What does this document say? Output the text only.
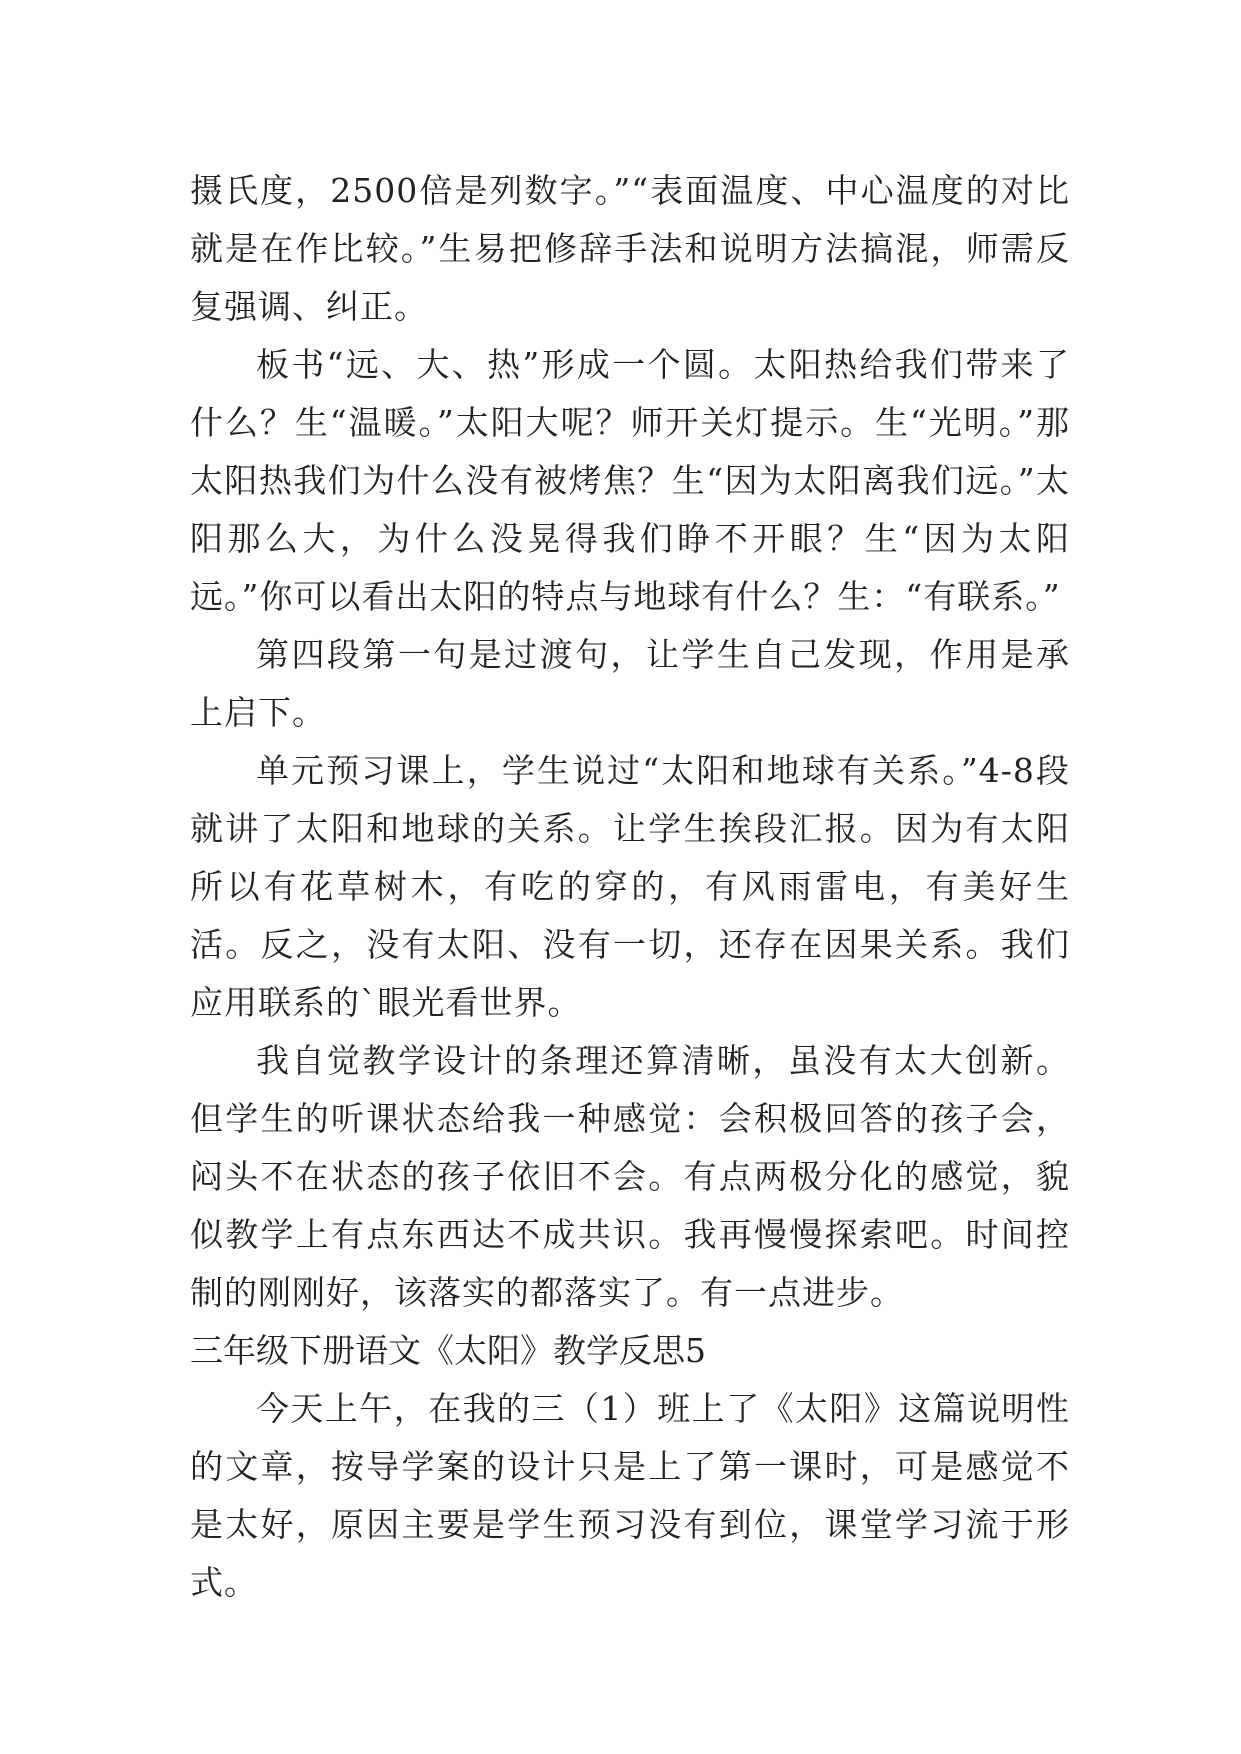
摄氏度，2500倍是列数字。”“表面温度、中心温度的对比就是在作比较。”生易把修辞手法和说明方法搞混，师需反复强调、纠正。

板书“远、大、热”形成一个圆。太阳热给我们带来了什么？生“温暖。”太阳大呢？师开关灯提示。生“光明。”那太阳热我们为什么没有被烤焦？生“因为太阳离我们远。”太阳那么大，为什么没晃得我们睁不开眼？生“因为太阳远。”你可以看出太阳的特点与地球有什么？生：“有联系。”

第四段第一句是过渡句，让学生自己发现，作用是承上启下。

单元预习课上，学生说过“太阳和地球有关系。”4-8段就讲了太阳和地球的关系。让学生挨段汇报。因为有太阳所以有花草树木，有吃的穿的，有风雨雷电，有美好生活。反之，没有太阳、没有一切，还存在因果关系。我们应用联系的`眼光看世界。

我自觉教学设计的条理还算清晰，虽没有太大创新。但学生的听课状态给我一种感觉：会积极回答的孩子会，闷头不在状态的孩子依旧不会。有点两极分化的感觉，貌似教学上有点东西达不成共识。我再慢慢探索吧。时间控制的刚刚好，该落实的都落实了。有一点进步。

三年级下册语文《太阳》教学反思5

今天上午，在我的三（1）班上了《太阳》这篇说明性的文章，按导学案的设计只是上了第一课时，可是感觉不是太好，原因主要是学生预习没有到位，课堂学习流于形式。
